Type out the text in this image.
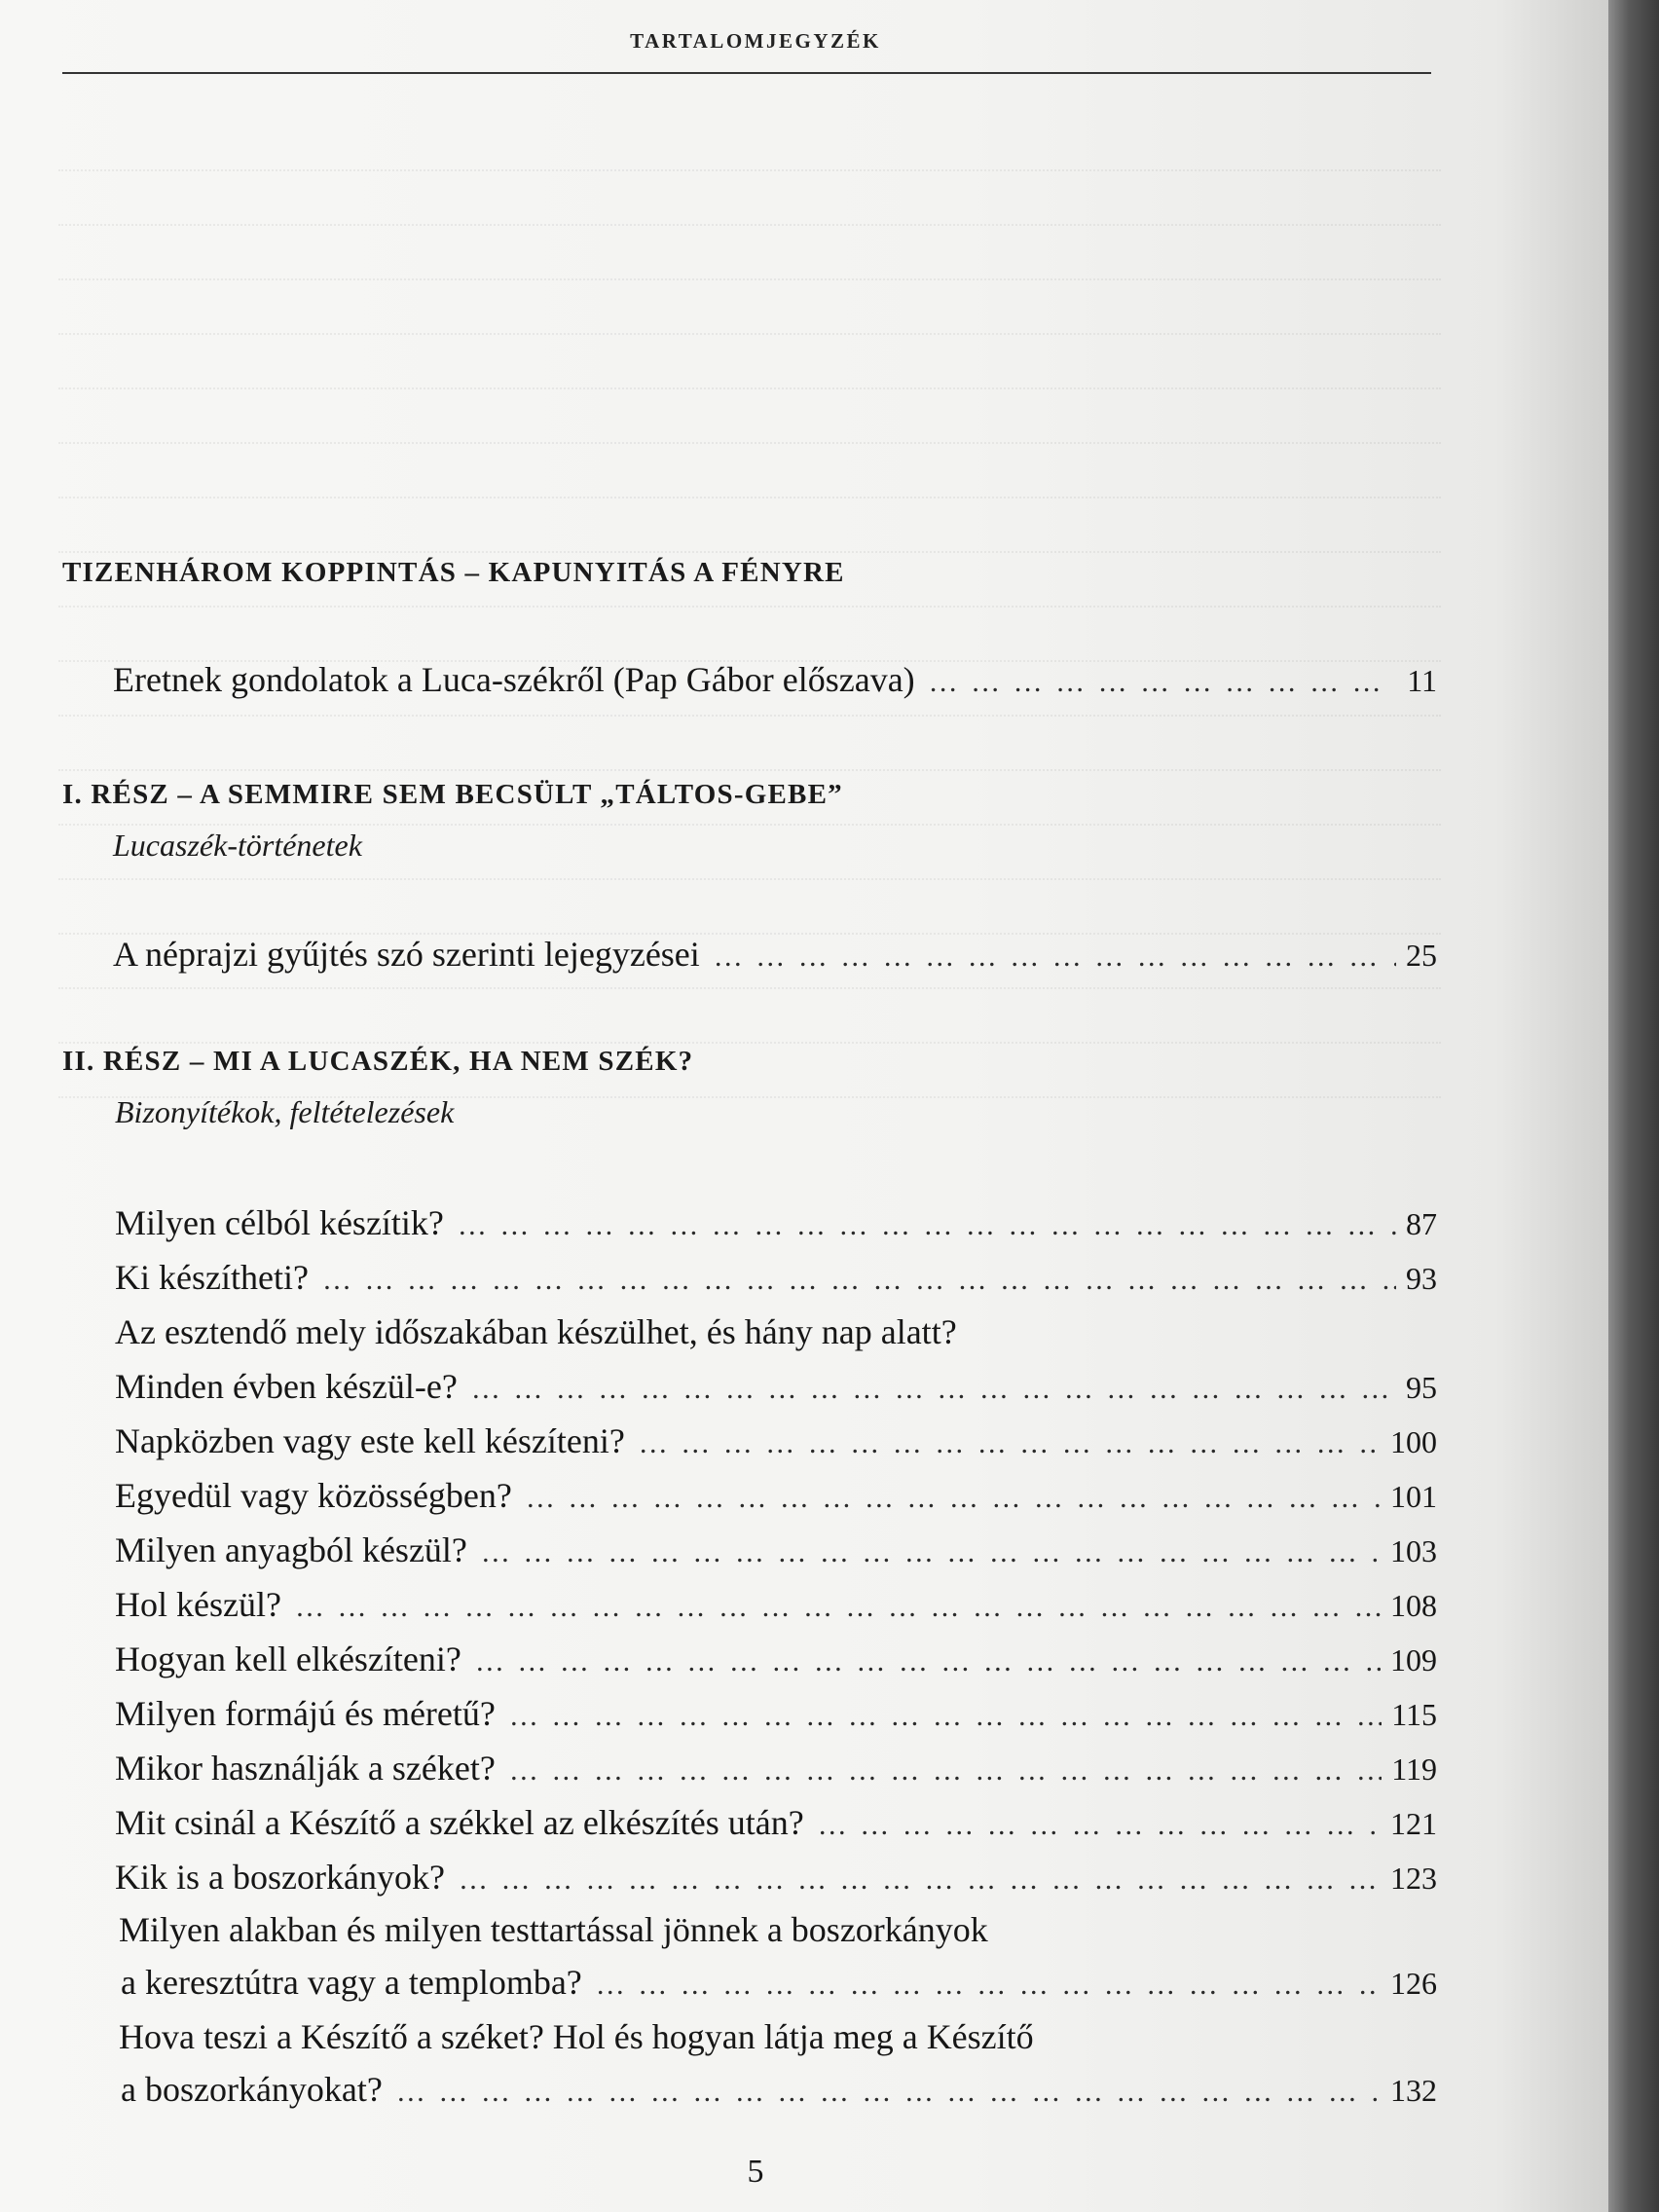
TARTALOMJEGYZÉK
TIZENHÁROM KOPPINTÁS – KAPUNYITÁS A FÉNYRE
Eretnek gondolatok a Luca-székről (Pap Gábor előszava) … … … … … … … … … … … … … … … … … … … … … … … … … … … … … … … … … … … … … … … … … … … … … … … … …	11
I. RÉSZ – A SEMMIRE SEM BECSÜLT „TÁLTOS-GEBE”
Lucaszék-történetek
A néprajzi gyűjtés szó szerinti lejegyzései … … … … … … … … … … … … … … … … … … … … … … … … … … … … … … … … … … … … … … … … … … … … … … … … …	25
II. RÉSZ – MI A LUCASZÉK, HA NEM SZÉK?
Bizonyítékok, feltételezések
Milyen célból készítik? … … … … … … … … … … … … … … … … … … … … … … … … … … … … … … … … … … … … … … … … … … … … … … … … …	87
Ki készítheti? … … … … … … … … … … … … … … … … … … … … … … … … … … … … … … … … … … … … … … … … … … … … … … … … …	93
Az esztendő mely időszakában készülhet, és hány nap alatt?
Minden évben készül-e? … … … … … … … … … … … … … … … … … … … … … … … … … … … … … … … … … … … … … … … … … … … … … … … … …	95
Napközben vagy este kell készíteni? … … … … … … … … … … … … … … … … … … … … … … … … … … … … … … … … … … … … … … … … … … … … … … … … …	100
Egyedül vagy közösségben? … … … … … … … … … … … … … … … … … … … … … … … … … … … … … … … … … … … … … … … … … … … … … … … … …	101
Milyen anyagból készül? … … … … … … … … … … … … … … … … … … … … … … … … … … … … … … … … … … … … … … … … … … … … … … … … …	103
Hol készül? … … … … … … … … … … … … … … … … … … … … … … … … … … … … … … … … … … … … … … … … … … … … … … … … …	108
Hogyan kell elkészíteni? … … … … … … … … … … … … … … … … … … … … … … … … … … … … … … … … … … … … … … … … … … … … … … … … …	109
Milyen formájú és méretű? … … … … … … … … … … … … … … … … … … … … … … … … … … … … … … … … … … … … … … … … … … … … … … … … …	115
Mikor használják a széket? … … … … … … … … … … … … … … … … … … … … … … … … … … … … … … … … … … … … … … … … … … … … … … … … …	119
Mit csinál a Készítő a székkel az elkészítés után? … … … … … … … … … … … … … … … … … … … … … … … … … … … … … … … … … … … … … … … … … … … … … … … … …	121
Kik is a boszorkányok? … … … … … … … … … … … … … … … … … … … … … … … … … … … … … … … … … … … … … … … … … … … … … … … … …	123
Milyen alakban és milyen testtartással jönnek a boszorkányok
a keresztútra vagy a templomba? … … … … … … … … … … … … … … … … … … … … … … … … … … … … … … … … … … … … … … … … … … … … … … … … …	126
Hova teszi a Készítő a széket? Hol és hogyan látja meg a Készítő
a boszorkányokat? … … … … … … … … … … … … … … … … … … … … … … … … … … … … … … … … … … … … … … … … … … … … … … … … …	132
5
